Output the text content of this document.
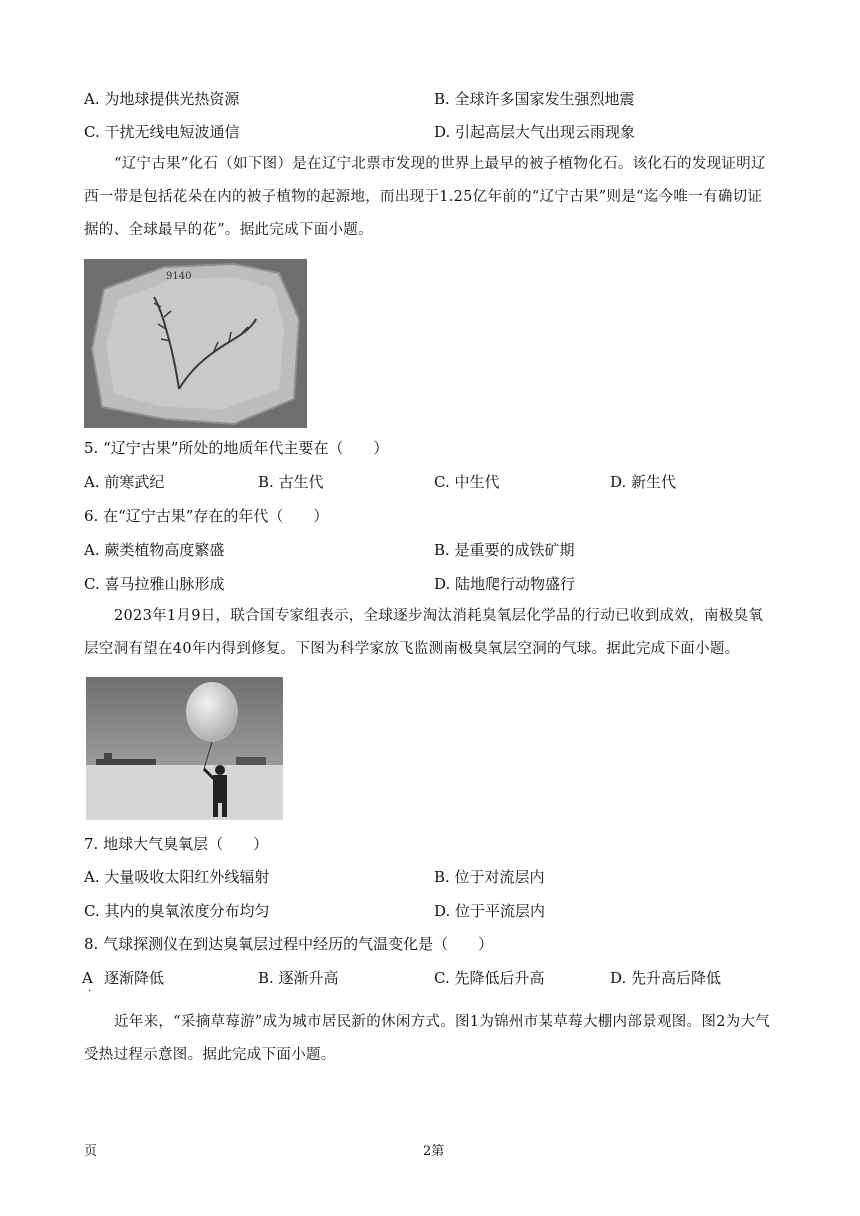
A. 为地球提供光热资源	B. 全球许多国家发生强烈地震
C. 干扰无线电短波通信	D. 引起高层大气出现云雨现象
“辽宁古果”化石（如下图）是在辽宁北票市发现的世界上最早的被子植物化石。该化石的发现证明辽西一带是包括花朵在内的被子植物的起源地，而出现于1.25亿年前的“辽宁古果”则是“迄今唯一有确切证据的、全球最早的花”。据此完成下面小题。
9140
5. “辽宁古果”所处的地质年代主要在（　　）
A. 前寒武纪	B. 古生代	C. 中生代	D. 新生代
6. 在“辽宁古果”存在的年代（　　）
A. 蕨类植物高度繁盛	B. 是重要的成铁矿期
C. 喜马拉雅山脉形成	D. 陆地爬行动物盛行
2023年1月9日，联合国专家组表示，全球逐步淘汰消耗臭氧层化学品的行动已收到成效，南极臭氧层空洞有望在40年内得到修复。下图为科学家放飞监测南极臭氧层空洞的气球。据此完成下面小题。
7. 地球大气臭氧层（　　）
A. 大量吸收太阳红外线辐射	B. 位于对流层内
C. 其内的臭氧浓度分布均匀	D. 位于平流层内
8. 气球探测仪在到达臭氧层过程中经历的气温变化是（　　）
A
·
逐渐降低	B. 逐渐升高	C. 先降低后升高	D. 先升高后降低
近年来，“采摘草莓游”成为城市居民新的休闲方式。图1为锦州市某草莓大棚内部景观图。图2为大气受热过程示意图。据此完成下面小题。
页	2第
